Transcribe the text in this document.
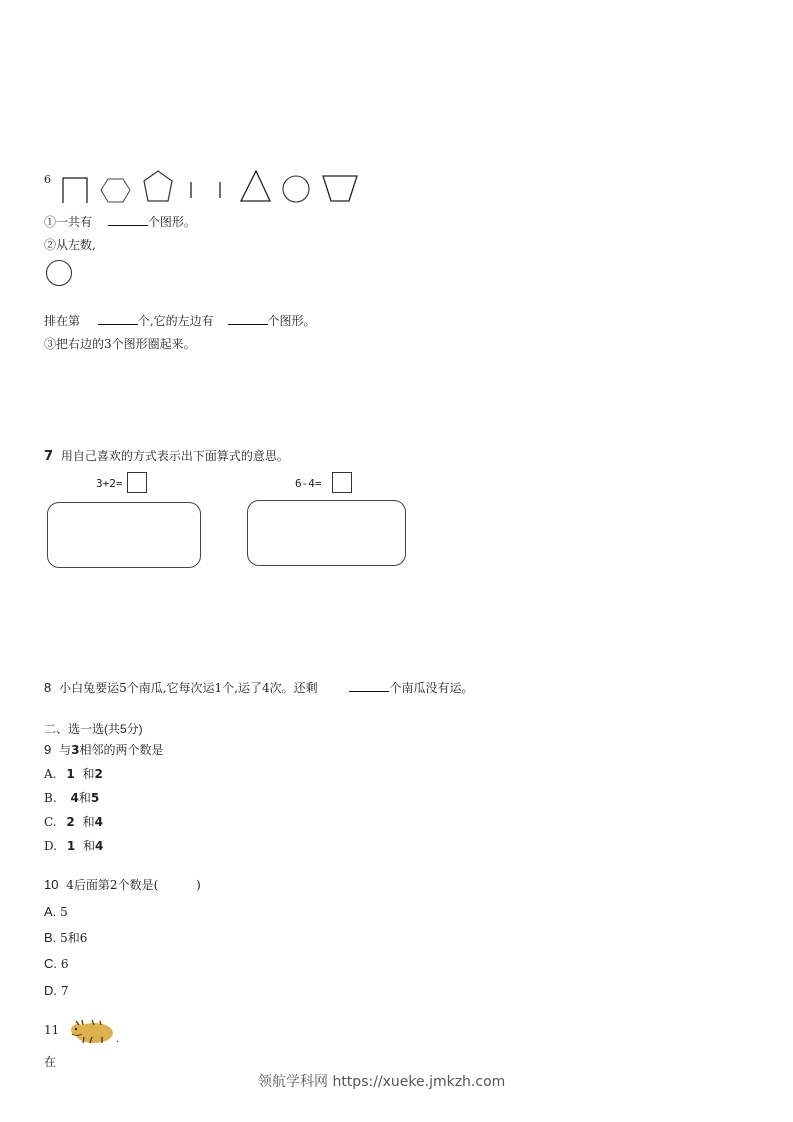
6
①一共有	个图形。
②从左数,
排在第	个,它的左边有	个图形。
③把右边的3个图形圈起来。
7 用自己喜欢的方式表示出下面算式的意思。
3+2=	6-4=
8 小白兔要运5个南瓜,它每次运1个,运了4次。还剩	个南瓜没有运。
二、选一选(共5分)
9 与3相邻的两个数是
A. 1 和2
B. 4和5
C. 2 和4
D. 1 和4
10 4后面第2个数是(	)
A. 5
B. 5和6
C. 6
D. 7
11
.
在
领航学科网 https://xueke.jmkzh.com
